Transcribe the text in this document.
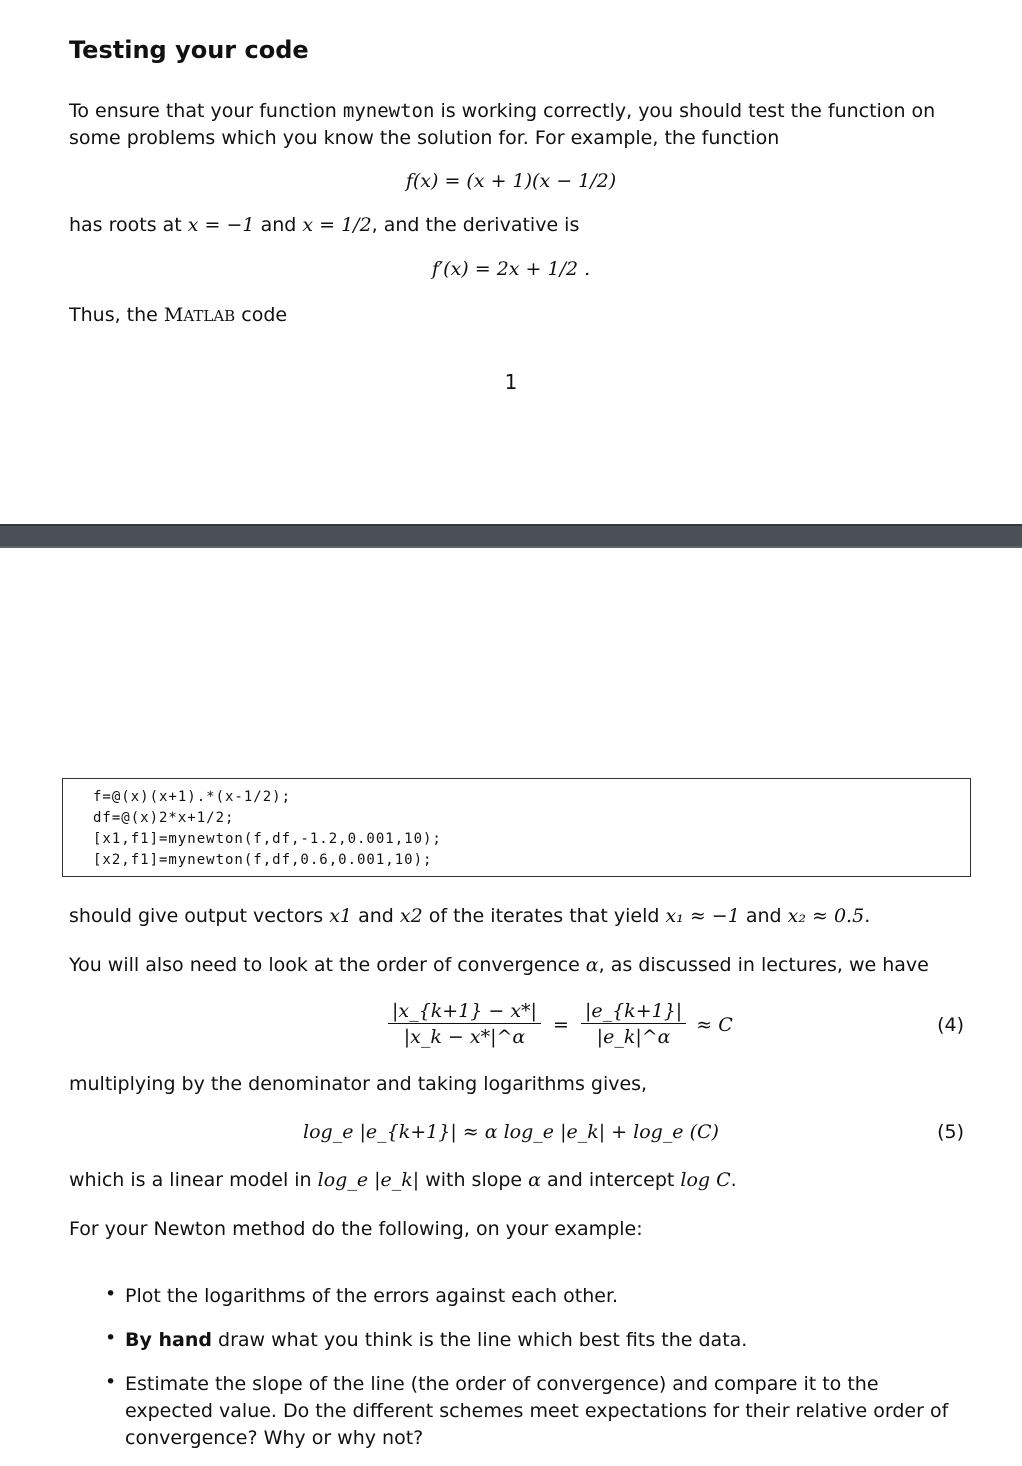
Testing your code

To ensure that your function mynewton is working correctly, you should test the function on some problems which you know the solution for. For example, the function

f(x) = (x + 1)(x − 1/2)

has roots at x = −1 and x = 1/2, and the derivative is

f′(x) = 2x + 1/2 .

Thus, the MATLAB code

1
f=@(x)(x+1).*(x-1/2);
df=@(x)2*x+1/2;
[x1,f1]=mynewton(f,df,-1.2,0.001,10);
[x2,f1]=mynewton(f,df,0.6,0.001,10);

should give output vectors x1 and x2 of the iterates that yield x₁ ≈ −1 and x₂ ≈ 0.5.

You will also need to look at the order of convergence α, as discussed in lectures, we have

$\frac{|x\_\{k+1\} - x*|}{|x\_k - x*|\^{}\alpha} = \frac{|e\_\{k+1\}|}{|e\_k|\^{}\alpha} \approx C$	(4)

multiplying by the denominator and taking logarithms gives,

log_e |e_{k+1}| ≈ α log_e |e_k| + log_e (C)	(5)

which is a linear model in log_e |e_k| with slope α and intercept log C.

For your Newton method do the following, on your example:

• Plot the logarithms of the errors against each other.
• By hand draw what you think is the line which best fits the data.
• Estimate the slope of the line (the order of convergence) and compare it to the expected value. Do the different schemes meet expectations for their relative order of convergence? Why or why not?
